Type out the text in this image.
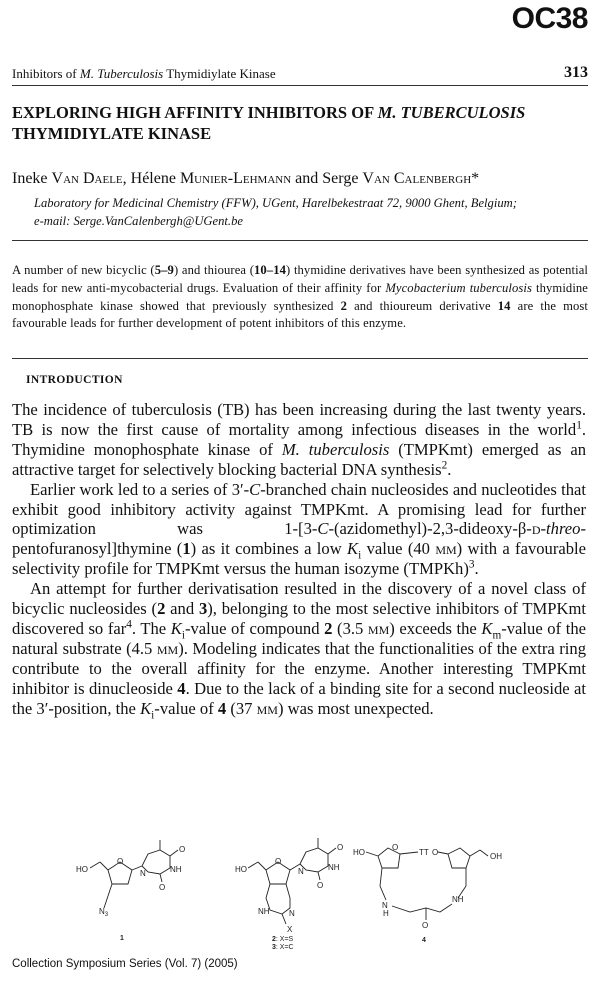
OC38
Inhibitors of M. Tuberculosis Thymidiylate Kinase	313
EXPLORING HIGH AFFINITY INHIBITORS OF M. TUBERCULOSIS
THYMIDIYLATE KINASE
Ineke Van Daele, Hélene Munier-Lehmann and Serge Van Calenbergh*
Laboratory for Medicinal Chemistry (FFW), UGent, Harelbekestraat 72, 9000 Ghent, Belgium;
e-mail: Serge.VanCalenbergh@UGent.be
A number of new bicyclic (5–9) and thiourea (10–14) thymidine derivatives have been synthesized as potential leads for new anti-mycobacterial drugs. Evaluation of their affinity for Mycobacterium tuberculosis thymidine monophosphate kinase showed that previously synthesized 2 and thioureum derivative 14 are the most favourable leads for further development of potent inhibitors of this enzyme.
INTRODUCTION

The incidence of tuberculosis (TB) has been increasing during the last twenty years. TB is now the first cause of mortality among infectious diseases in the world$^1$. Thymidine monophosphate kinase of M. tuberculosis (TMPKmt) emerged as an attractive target for selectively blocking bacterial DNA synthesis$^2$.

Earlier work led to a series of 3′-C-branched chain nucleosides and nucleotides that exhibit good inhibitory activity against TMPKmt. A promising lead for further optimization was 1-[3-C-(azidomethyl)-2,3-dideoxy-β-d-threo-pentofuranosyl]thymine (1) as it combines a low $K_i$ value (40 μm) with a favourable selectivity profile for TMPKmt versus the human isozyme (TMPKh)$^3$.

An attempt for further derivatisation resulted in the discovery of a novel class of bicyclic nucleosides (2 and 3), belonging to the most selective inhibitors of TMPKmt discovered so far$^4$. The $K_i$-value of compound 2 (3.5 μm) exceeds the $K_m$-value of the natural substrate (4.5 μm). Modeling indicates that the functionalities of the extra ring contribute to the overall affinity for the enzyme. Another interesting TMPKmt inhibitor is dinucleoside 4. Due to the lack of a binding site for a second nucleoside at the 3′-position, the $K_i$-value of 4 (37 μm) was most unexpected.

HO
O
$N_3$
O
NH
O
N
1
HO
O
O
NH
O
N
NH N
X
2: X=S
3: X=C
HO
O
TT O	OH
N
H
NH
O
4
Collection Symposium Series (Vol. 7) (2005)
